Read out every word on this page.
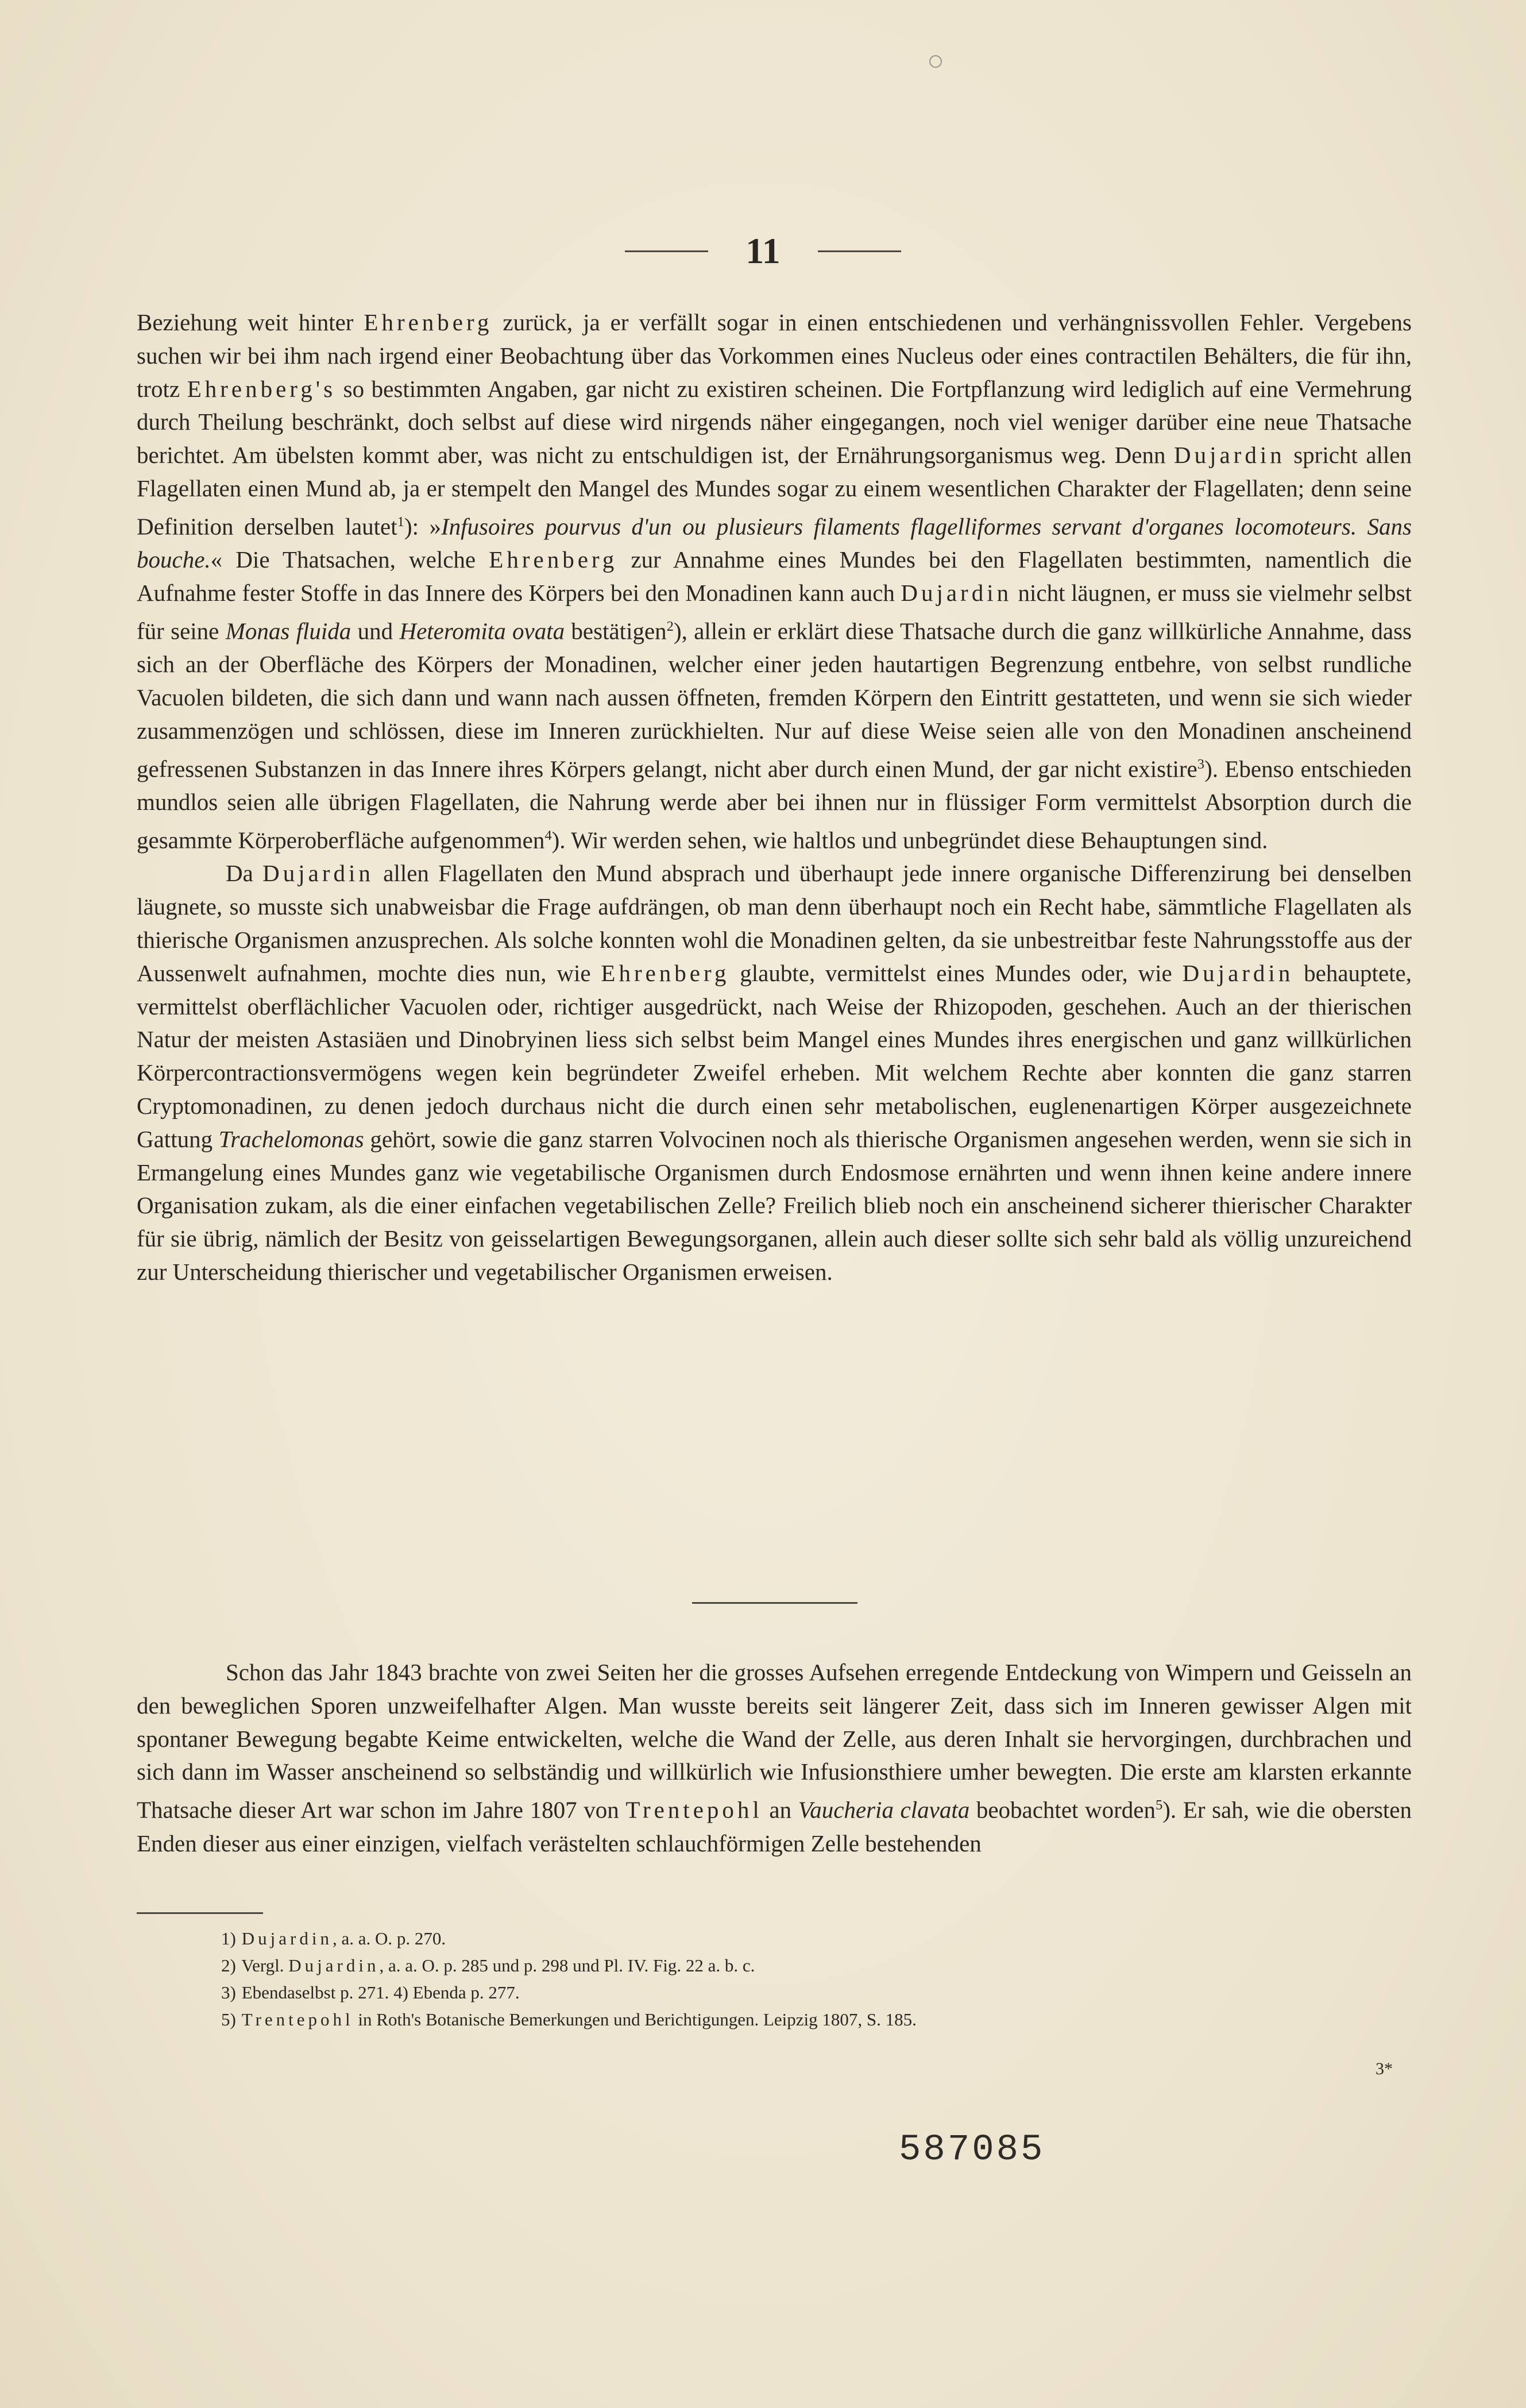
11

Beziehung weit hinter Ehrenberg zurück, ja er verfällt sogar in einen entschiedenen und verhängnissvollen Fehler. Vergebens suchen wir bei ihm nach irgend einer Beobachtung über das Vorkommen eines Nucleus oder eines contractilen Behälters, die für ihn, trotz Ehrenberg's so bestimmten Angaben, gar nicht zu existiren scheinen. Die Fortpflanzung wird lediglich auf eine Vermehrung durch Theilung beschränkt, doch selbst auf diese wird nirgends näher eingegangen, noch viel weniger darüber eine neue Thatsache berichtet. Am übelsten kommt aber, was nicht zu entschuldigen ist, der Ernährungsorganismus weg. Denn Dujardin spricht allen Flagellaten einen Mund ab, ja er stempelt den Mangel des Mundes sogar zu einem wesentlichen Charakter der Flagellaten; denn seine Definition derselben lautet$^1$): »Infusoires pourvus d'un ou plusieurs filaments flagelliformes servant d'organes locomoteurs. Sans bouche.« Die Thatsachen, welche Ehrenberg zur Annahme eines Mundes bei den Flagellaten bestimmten, namentlich die Aufnahme fester Stoffe in das Innere des Körpers bei den Monadinen kann auch Dujardin nicht läugnen, er muss sie vielmehr selbst für seine Monas fluida und Heteromita ovata bestätigen$^2$), allein er erklärt diese Thatsache durch die ganz willkürliche Annahme, dass sich an der Oberfläche des Körpers der Monadinen, welcher einer jeden hautartigen Begrenzung entbehre, von selbst rundliche Vacuolen bildeten, die sich dann und wann nach aussen öffneten, fremden Körpern den Eintritt gestatteten, und wenn sie sich wieder zusammenzögen und schlössen, diese im Inneren zurückhielten. Nur auf diese Weise seien alle von den Monadinen anscheinend gefressenen Substanzen in das Innere ihres Körpers gelangt, nicht aber durch einen Mund, der gar nicht existire$^3$). Ebenso entschieden mundlos seien alle übrigen Flagellaten, die Nahrung werde aber bei ihnen nur in flüssiger Form vermittelst Absorption durch die gesammte Körperoberfläche aufgenommen$^4$). Wir werden sehen, wie haltlos und unbegründet diese Behauptungen sind.

Da Dujardin allen Flagellaten den Mund absprach und überhaupt jede innere organische Differenzirung bei denselben läugnete, so musste sich unabweisbar die Frage aufdrängen, ob man denn überhaupt noch ein Recht habe, sämmtliche Flagellaten als thierische Organismen anzusprechen. Als solche konnten wohl die Monadinen gelten, da sie unbestreitbar feste Nahrungsstoffe aus der Aussenwelt aufnahmen, mochte dies nun, wie Ehrenberg glaubte, vermittelst eines Mundes oder, wie Dujardin behauptete, vermittelst oberflächlicher Vacuolen oder, richtiger ausgedrückt, nach Weise der Rhizopoden, geschehen. Auch an der thierischen Natur der meisten Astasiäen und Dinobryinen liess sich selbst beim Mangel eines Mundes ihres energischen und ganz willkürlichen Körpercontractionsvermögens wegen kein begründeter Zweifel erheben. Mit welchem Rechte aber konnten die ganz starren Cryptomonadinen, zu denen jedoch durchaus nicht die durch einen sehr metabolischen, euglenenartigen Körper ausgezeichnete Gattung Trachelomonas gehört, sowie die ganz starren Volvocinen noch als thierische Organismen angesehen werden, wenn sie sich in Ermangelung eines Mundes ganz wie vegetabilische Organismen durch Endosmose ernährten und wenn ihnen keine andere innere Organisation zukam, als die einer einfachen vegetabilischen Zelle? Freilich blieb noch ein anscheinend sicherer thierischer Charakter für sie übrig, nämlich der Besitz von geisselartigen Bewegungsorganen, allein auch dieser sollte sich sehr bald als völlig unzureichend zur Unterscheidung thierischer und vegetabilischer Organismen erweisen.

Schon das Jahr 1843 brachte von zwei Seiten her die grosses Aufsehen erregende Entdeckung von Wimpern und Geisseln an den beweglichen Sporen unzweifelhafter Algen. Man wusste bereits seit längerer Zeit, dass sich im Inneren gewisser Algen mit spontaner Bewegung begabte Keime entwickelten, welche die Wand der Zelle, aus deren Inhalt sie hervorgingen, durchbrachen und sich dann im Wasser anscheinend so selbständig und willkürlich wie Infusionsthiere umher bewegten. Die erste am klarsten erkannte Thatsache dieser Art war schon im Jahre 1807 von Trentepohl an Vaucheria clavata beobachtet worden$^5$). Er sah, wie die obersten Enden dieser aus einer einzigen, vielfach verästelten schlauchförmigen Zelle bestehenden

1) Dujardin, a. a. O. p. 270.
2) Vergl. Dujardin, a. a. O. p. 285 und p. 298 und Pl. IV. Fig. 22 a. b. c.
3) Ebendaselbst p. 271. 4) Ebenda p. 277.
5) Trentepohl in Roth's Botanische Bemerkungen und Berichtigungen. Leipzig 1807, S. 185.
3*
587085
